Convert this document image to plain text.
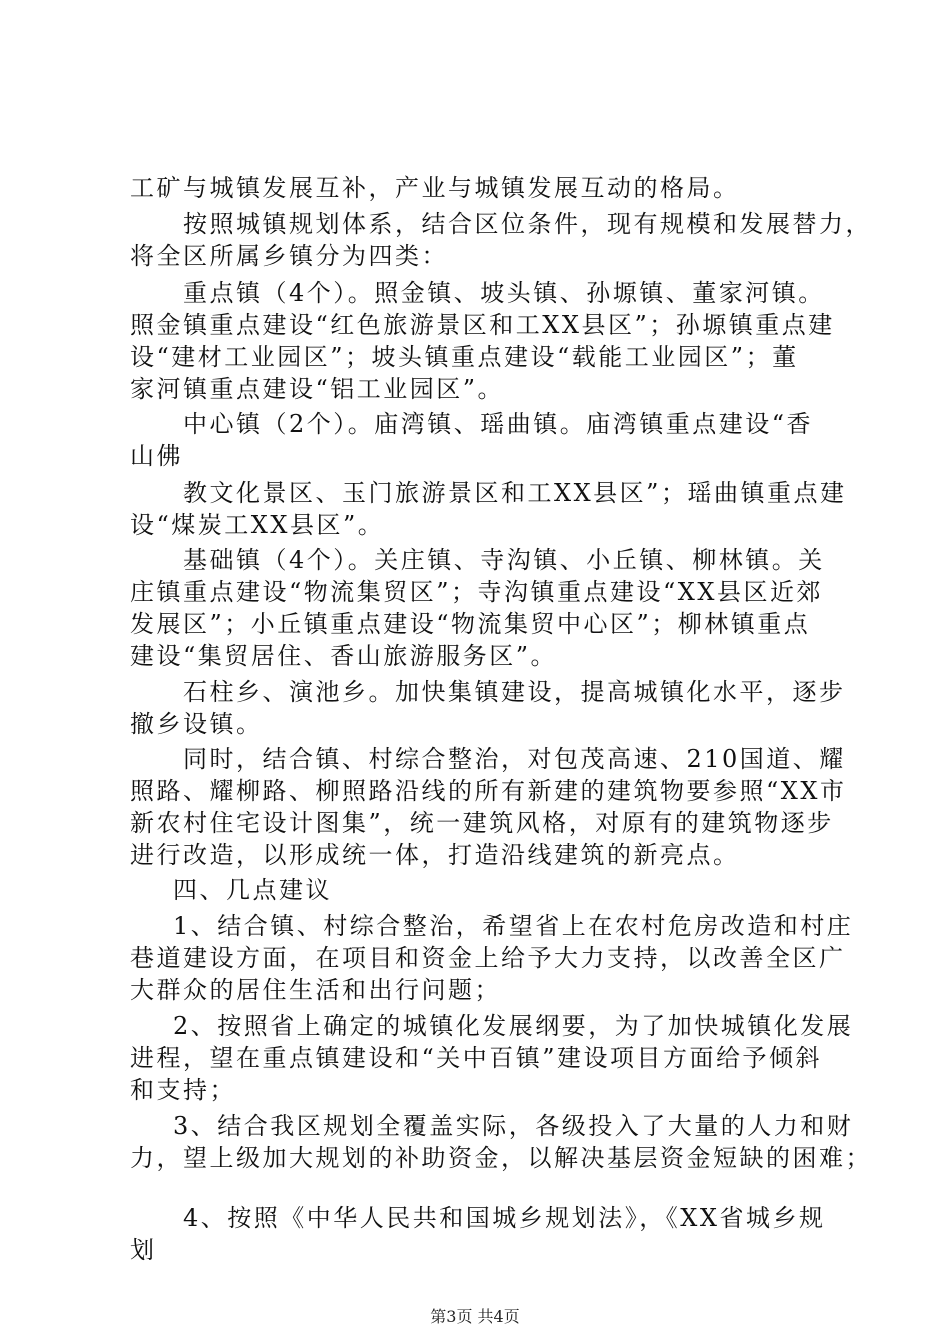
工矿与城镇发展互补，产业与城镇发展互动的格局。
按照城镇规划体系，结合区位条件，现有规模和发展替力，
将全区所属乡镇分为四类：
重点镇（4个）。照金镇、坡头镇、孙塬镇、董家河镇。
照金镇重点建设“红色旅游景区和工XX县区”；孙塬镇重点建
设“建材工业园区”；坡头镇重点建设“载能工业园区”；董
家河镇重点建设“铝工业园区”。
中心镇（2个）。庙湾镇、瑶曲镇。庙湾镇重点建设“香
山佛
教文化景区、玉门旅游景区和工XX县区”；瑶曲镇重点建
设“煤炭工XX县区”。
基础镇（4个）。关庄镇、寺沟镇、小丘镇、柳林镇。关
庄镇重点建设“物流集贸区”；寺沟镇重点建设“XX县区近郊
发展区”；小丘镇重点建设“物流集贸中心区”；柳林镇重点
建设“集贸居住、香山旅游服务区”。
石柱乡、演池乡。加快集镇建设，提高城镇化水平，逐步
撤乡设镇。
同时，结合镇、村综合整治，对包茂高速、210国道、耀
照路、耀柳路、柳照路沿线的所有新建的建筑物要参照“XX市
新农村住宅设计图集”，统一建筑风格，对原有的建筑物逐步
进行改造，以形成统一体，打造沿线建筑的新亮点。
四、几点建议
1、结合镇、村综合整治，希望省上在农村危房改造和村庄
巷道建设方面，在项目和资金上给予大力支持，以改善全区广
大群众的居住生活和出行问题；
2、按照省上确定的城镇化发展纲要，为了加快城镇化发展
进程，望在重点镇建设和“关中百镇”建设项目方面给予倾斜
和支持；
3、结合我区规划全覆盖实际，各级投入了大量的人力和财
力，望上级加大规划的补助资金，以解决基层资金短缺的困难；
4、按照《中华人民共和国城乡规划法》，《XX省城乡规
划
第3页 共4页
